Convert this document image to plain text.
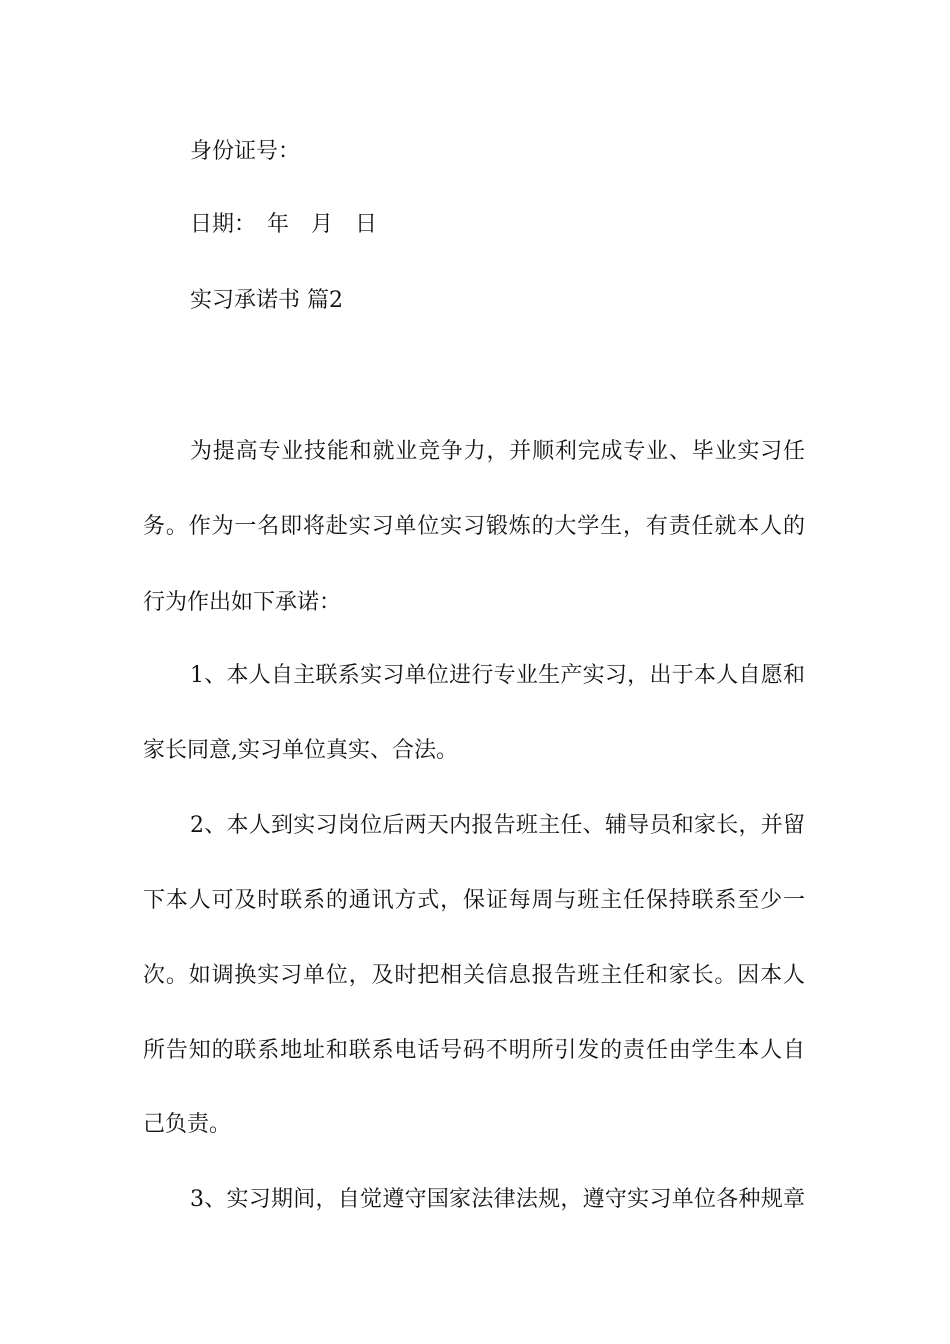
身份证号：
日期：　年　月　日
实习承诺书 篇2
为提高专业技能和就业竞争力，并顺利完成专业、毕业实习任
务。作为一名即将赴实习单位实习锻炼的大学生，有责任就本人的
行为作出如下承诺：
1、本人自主联系实习单位进行专业生产实习，出于本人自愿和
家长同意,实习单位真实、合法。
2、本人到实习岗位后两天内报告班主任、辅导员和家长，并留
下本人可及时联系的通讯方式，保证每周与班主任保持联系至少一
次。如调换实习单位，及时把相关信息报告班主任和家长。因本人
所告知的联系地址和联系电话号码不明所引发的责任由学生本人自
己负责。
3、实习期间，自觉遵守国家法律法规，遵守实习单位各种规章
